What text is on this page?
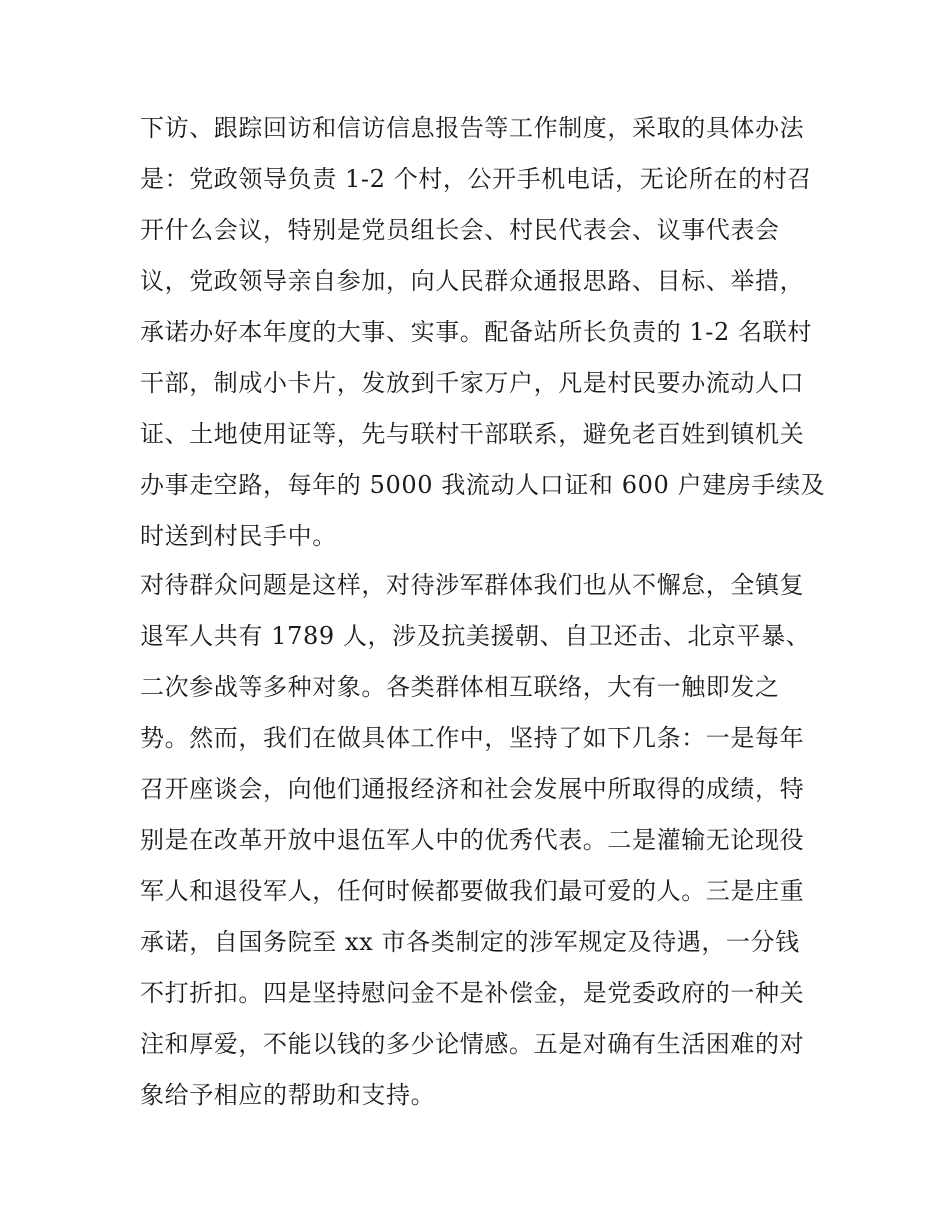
下访、跟踪回访和信访信息报告等工作制度，采取的具体办法
是：党政领导负责 1-2 个村，公开手机电话，无论所在的村召
开什么会议，特别是党员组长会、村民代表会、议事代表会
议，党政领导亲自参加，向人民群众通报思路、目标、举措，
承诺办好本年度的大事、实事。配备站所长负责的 1-2 名联村
干部，制成小卡片，发放到千家万户，凡是村民要办流动人口
证、土地使用证等，先与联村干部联系，避免老百姓到镇机关
办事走空路，每年的 5000 我流动人口证和 600 户建房手续及
时送到村民手中。
对待群众问题是这样，对待涉军群体我们也从不懈怠，全镇复
退军人共有 1789 人，涉及抗美援朝、自卫还击、北京平暴、
二次参战等多种对象。各类群体相互联络，大有一触即发之
势。然而，我们在做具体工作中，坚持了如下几条：一是每年
召开座谈会，向他们通报经济和社会发展中所取得的成绩，特
别是在改革开放中退伍军人中的优秀代表。二是灌输无论现役
军人和退役军人，任何时候都要做我们最可爱的人。三是庄重
承诺，自国务院至 xx 市各类制定的涉军规定及待遇，一分钱
不打折扣。四是坚持慰问金不是补偿金，是党委政府的一种关
注和厚爱，不能以钱的多少论情感。五是对确有生活困难的对
象给予相应的帮助和支持。
